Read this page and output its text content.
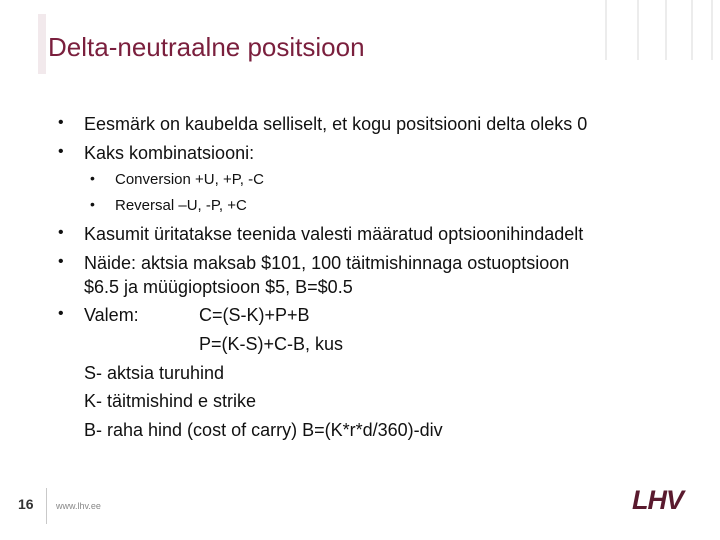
Delta-neutraalne positsioon
• Eesmärk on kaubelda selliselt, et kogu positsiooni delta oleks 0
• Kaks kombinatsiooni:
• Conversion +U, +P, -C
• Reversal –U, -P, +C
• Kasumit üritatakse teenida valesti määratud optsioonihindadelt
• Näide: aktsia maksab $101, 100 täitmishinnaga ostuoptsioon
$6.5 ja müügioptsioon $5, B=$0.5
• Valem:	C=(S-K)+P+B
P=(K-S)+C-B, kus
S- aktsia turuhind
K- täitmishind e strike
B- raha hind (cost of carry) B=(K*r*d/360)-div
16 www.lhv.ee	LHV
